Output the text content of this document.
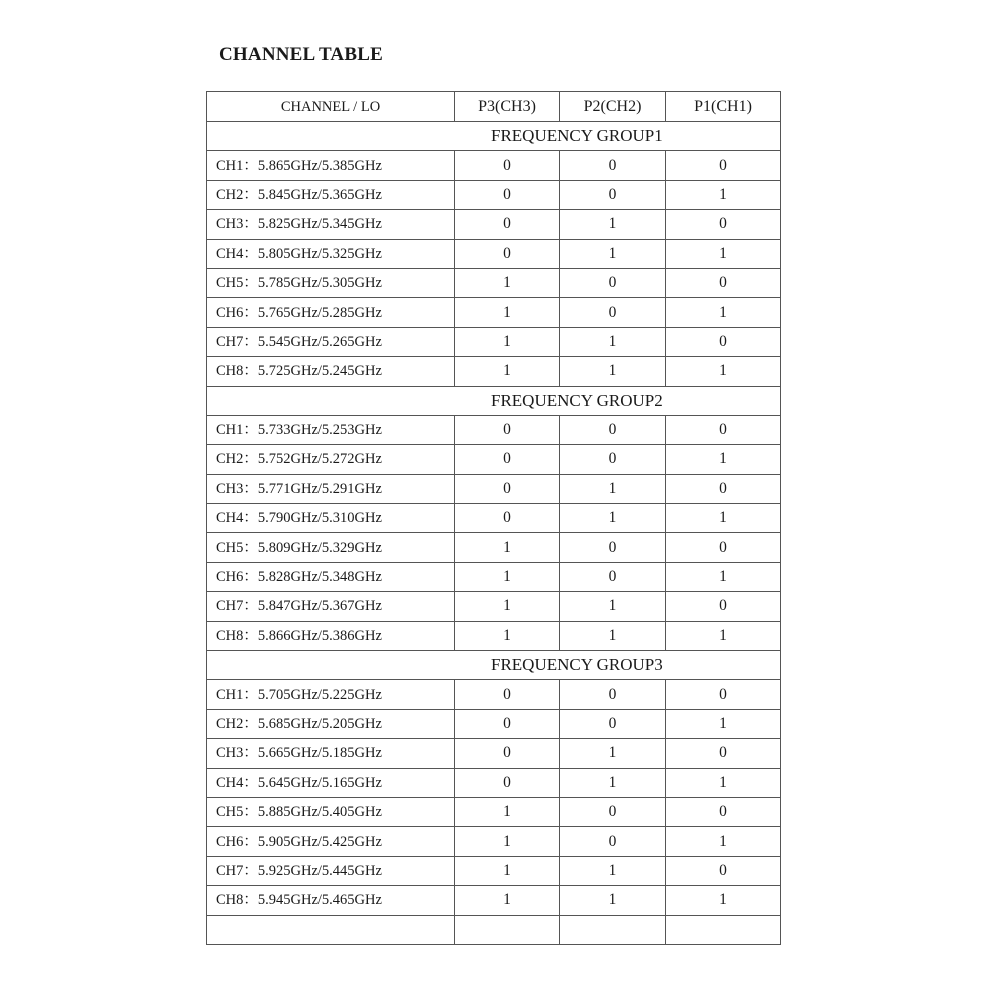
CHANNEL TABLE
CHANNEL / LO	P3(CH3)	P2(CH2)	P1(CH1)
FREQUENCY GROUP1			
CH1：5.865GHz/5.385GHz	0	0	0
CH2：5.845GHz/5.365GHz	0	0	1
CH3：5.825GHz/5.345GHz	0	1	0
CH4：5.805GHz/5.325GHz	0	1	1
CH5：5.785GHz/5.305GHz	1	0	0
CH6：5.765GHz/5.285GHz	1	0	1
CH7：5.545GHz/5.265GHz	1	1	0
CH8：5.725GHz/5.245GHz	1	1	1
FREQUENCY GROUP2			
CH1：5.733GHz/5.253GHz	0	0	0
CH2：5.752GHz/5.272GHz	0	0	1
CH3：5.771GHz/5.291GHz	0	1	0
CH4：5.790GHz/5.310GHz	0	1	1
CH5：5.809GHz/5.329GHz	1	0	0
CH6：5.828GHz/5.348GHz	1	0	1
CH7：5.847GHz/5.367GHz	1	1	0
CH8：5.866GHz/5.386GHz	1	1	1
FREQUENCY GROUP3			
CH1：5.705GHz/5.225GHz	0	0	0
CH2：5.685GHz/5.205GHz	0	0	1
CH3：5.665GHz/5.185GHz	0	1	0
CH4：5.645GHz/5.165GHz	0	1	1
CH5：5.885GHz/5.405GHz	1	0	0
CH6：5.905GHz/5.425GHz	1	0	1
CH7：5.925GHz/5.445GHz	1	1	0
CH8：5.945GHz/5.465GHz	1	1	1
